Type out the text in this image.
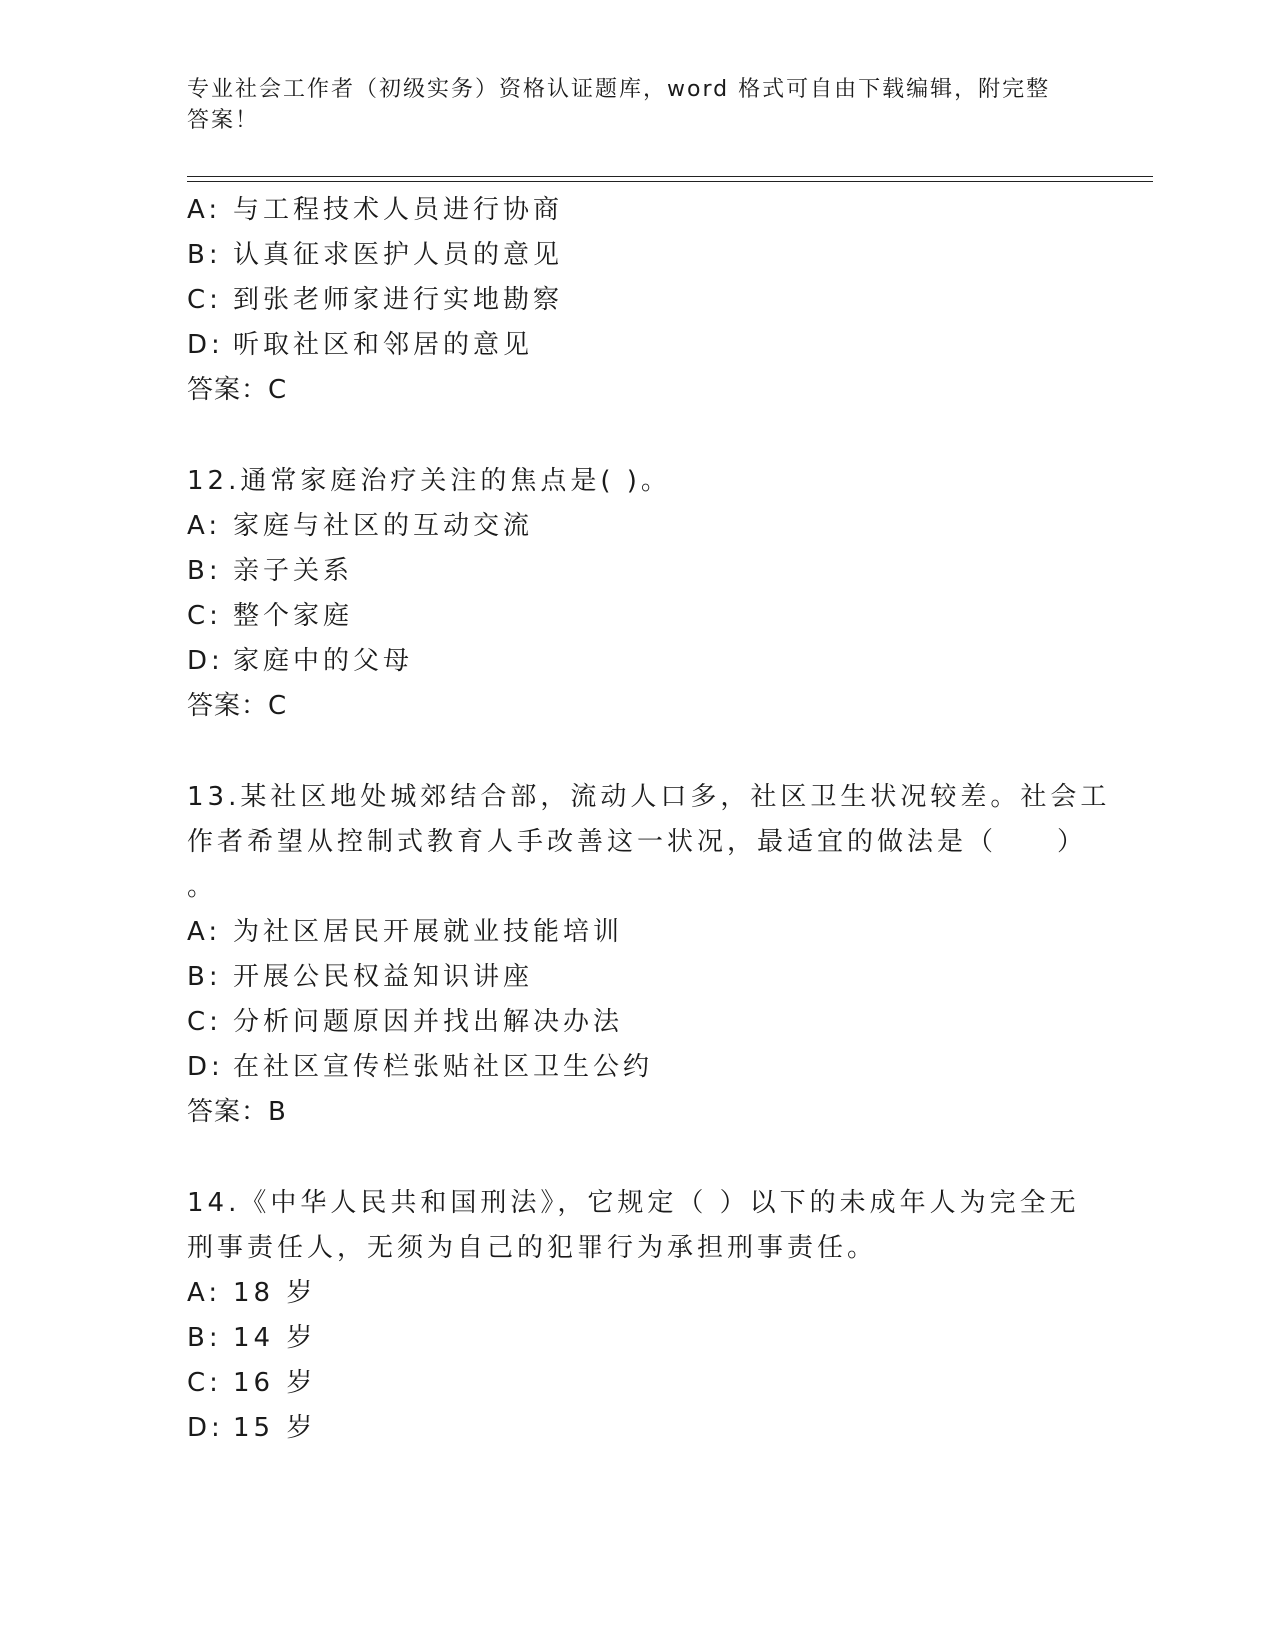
专业社会工作者（初级实务）资格认证题库，word 格式可自由下载编辑，附完整
答案！
A: 与工程技术人员进行协商
B: 认真征求医护人员的意见
C: 到张老师家进行实地勘察
D: 听取社区和邻居的意见
答案：C
12.通常家庭治疗关注的焦点是( )。
A: 家庭与社区的互动交流
B: 亲子关系
C: 整个家庭
D: 家庭中的父母
答案：C
13.某社区地处城郊结合部，流动人口多，社区卫生状况较差。社会工
作者希望从控制式教育人手改善这一状况，最适宜的做法是（　　）
。
A: 为社区居民开展就业技能培训
B: 开展公民权益知识讲座
C: 分析问题原因并找出解决办法
D: 在社区宣传栏张贴社区卫生公约
答案：B
14.《中华人民共和国刑法》，它规定（ ）以下的未成年人为完全无
刑事责任人，无须为自己的犯罪行为承担刑事责任。
A: 18 岁
B: 14 岁
C: 16 岁
D: 15 岁
